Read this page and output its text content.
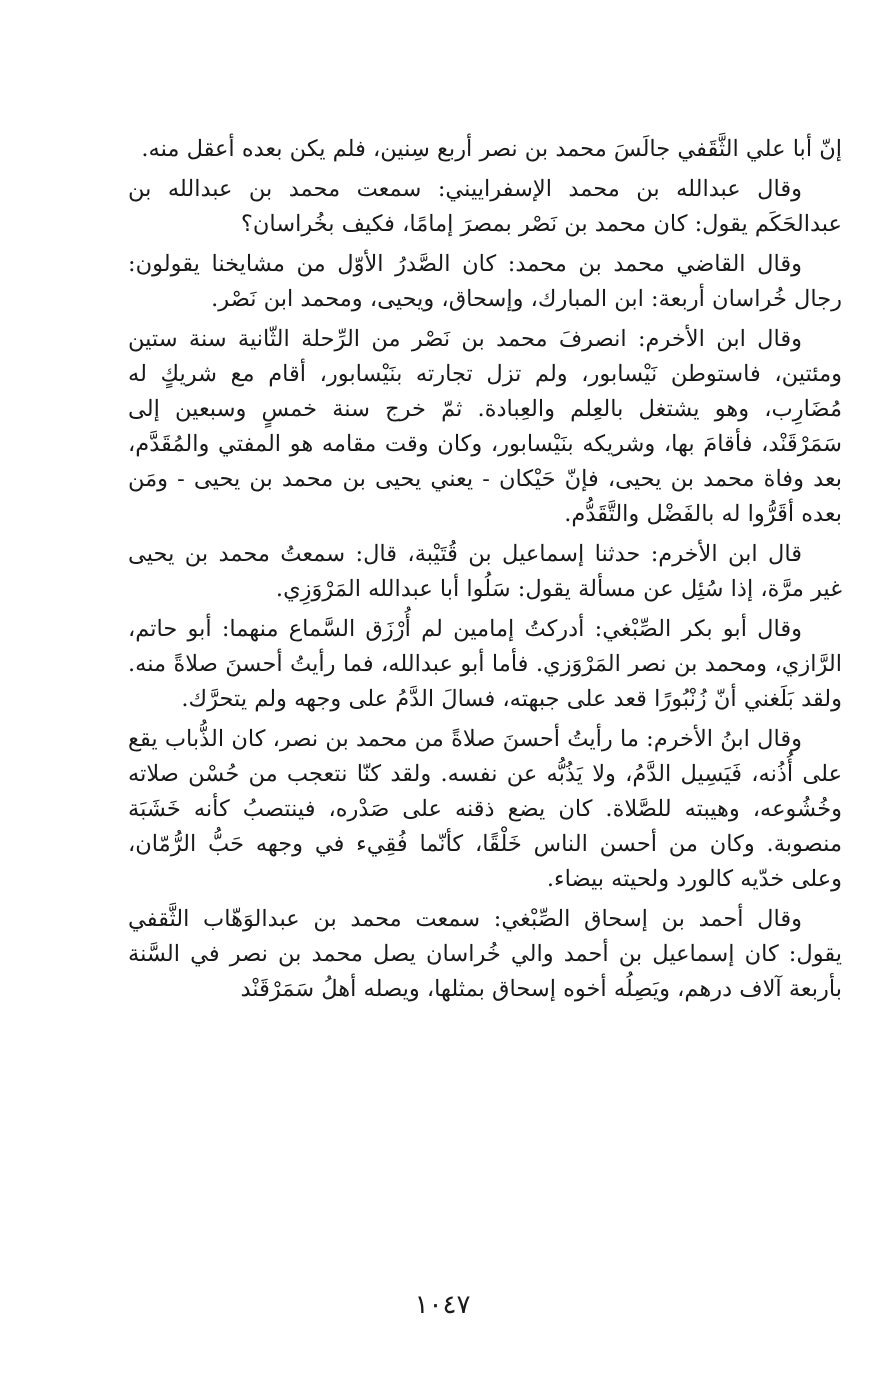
إنّ أبا علي الثَّقَفي جالَسَ محمد بن نصر أربع سِنين، فلم يكن بعده أعقل منه.

وقال عبدالله بن محمد الإسفراييني: سمعت محمد بن عبدالله بن عبدالحَكَم يقول: كان محمد بن نَصْر بمصرَ إمامًا، فكيف بخُراسان؟

وقال القاضي محمد بن محمد: كان الصَّدرُ الأوّل من مشايخنا يقولون: رجال خُراسان أربعة: ابن المبارك، وإسحاق، ويحيى، ومحمد ابن نَصْر.

وقال ابن الأخرم: انصرفَ محمد بن نَصْر من الرِّحلة الثّانية سنة ستين ومئتين، فاستوطن نَيْسابور، ولم تزل تجارته بنَيْسابور، أقام مع شريكٍ له مُضَارِب، وهو يشتغل بالعِلم والعِبادة. ثمّ خرج سنة خمسٍ وسبعين إلى سَمَرْقَنْد، فأقامَ بها، وشريكه بنَيْسابور، وكان وقت مقامه هو المفتي والمُقَدَّم، بعد وفاة محمد بن يحيى، فإنّ حَيْكان - يعني يحيى بن محمد بن يحيى - ومَن بعده أقَرُّوا له بالفَضْل والتَّقَدُّم.

قال ابن الأخرم: حدثنا إسماعيل بن قُتَيْبة، قال: سمعتُ محمد بن يحيى غير مرَّة، إذا سُئِل عن مسألة يقول: سَلُوا أبا عبدالله المَرْوَزِي.

وقال أبو بكر الصِّبْغي: أدركتُ إمامين لم أُرْزَق السَّماع منهما: أبو حاتم، الرَّازي، ومحمد بن نصر المَرْوَزي. فأما أبو عبدالله، فما رأيتُ أحسنَ صلاةً منه. ولقد بَلَغني أنّ زُنْبُورًا قعد على جبهته، فسالَ الدَّمُ على وجهه ولم يتحرَّك.

وقال ابنُ الأخرم: ما رأيتُ أحسنَ صلاةً من محمد بن نصر، كان الذُّباب يقع على أُذُنه، فَيَسِيل الدَّمُ، ولا يَذُبُّه عن نفسه. ولقد كنّا نتعجب من حُسْن صلاته وخُشُوعه، وهيبته للصَّلاة. كان يضع ذقنه على صَدْره، فينتصبُ كأنه خَشَبَة منصوبة. وكان من أحسن الناس خَلْقًا، كأنّما فُقِيء في وجهه حَبُّ الرُّمّان، وعلى خدّيه كالورد ولحيته بيضاء.

وقال أحمد بن إسحاق الصِّبْغي: سمعت محمد بن عبدالوَهّاب الثَّقفي يقول: كان إسماعيل بن أحمد والي خُراسان يصل محمد بن نصر في السَّنة بأربعة آلاف درهم، ويَصِلُه أخوه إسحاق بمثلها، ويصله أهلُ سَمَرْقَنْد

١٠٤٧
